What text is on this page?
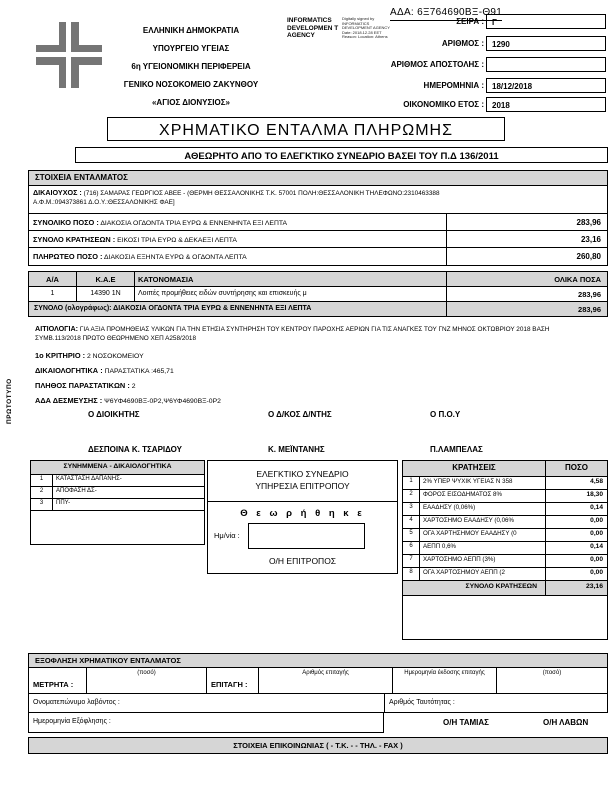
ΑΔΑ: 6Ξ764690ΒΞ-Θ91
ΕΛΛΗΝΙΚΗ ΔΗΜΟΚΡΑΤΙΑ
ΥΠΟΥΡΓΕΙΟ ΥΓΕΙΑΣ
6η ΥΓΕΙΟΝΟΜΙΚΗ ΠΕΡΙΦΕΡΕΙΑ
ΓΕΝΙΚΟ ΝΟΣΟΚΟΜΕΙΟ ΖΑΚΥΝΘΟΥ
«ΑΓΙΟΣ ΔΙΟΝΥΣΙΟΣ»
INFORMATICS DEVELOPMEN T AGENCY
Digitally signed by INFORMATICS DEVELOPMENT AGENCY Date: 2018.12.28 EET Reason: Location: Athens
ΣΕΙΡΑ :	Γ
ΑΡΙΘΜΟΣ :	1290
ΑΡΙΘΜΟΣ ΑΠΟΣΤΟΛΗΣ :
ΗΜΕΡΟΜΗΝΙΑ :	18/12/2018
ΟΙΚΟΝΟΜΙΚΟ ΕΤΟΣ :	2018
ΧΡΗΜΑΤΙΚΟ ΕΝΤΑΛΜΑ ΠΛΗΡΩΜΗΣ
ΑΘΕΩΡΗΤΟ ΑΠΟ ΤΟ ΕΛΕΓΚΤΙΚΟ ΣΥΝΕΔΡΙΟ ΒΑΣΕΙ ΤΟΥ Π.Δ 136/2011
ΣΤΟΙΧΕΙΑ ΕΝΤΑΛΜΑΤΟΣ
ΔΙΚΑΙΟΥΧΟΣ : (716) ΣΑΜΑΡΑΣ ΓΕΩΡΓΙΟΣ ΑΒΕΕ - (ΘΕΡΜΗ ΘΕΣΣΑΛΟΝΙΚΗΣ Τ.Κ. 57001 ΠΟΛΗ:ΘΕΣΣΑΛΟΝΙΚΗ ΤΗΛΕΦΩΝΟ:2310463388
Α.Φ.Μ.:094373861 Δ.Ο.Υ.:ΘΕΣΣΑΛΟΝΙΚΗΣ ΦΑΕ]
ΣΥΝΟΛΙΚΟ ΠΟΣΟ : ΔΙΑΚΟΣΙΑ ΟΓΔΟΝΤΑ ΤΡΙΑ ΕΥΡΩ & ΕΝΝΕΝΗΝΤΑ ΕΞΙ ΛΕΠΤΑ	283,96
ΣΥΝΟΛΟ ΚΡΑΤΗΣΕΩΝ : ΕΙΚΟΣΙ ΤΡΙΑ ΕΥΡΩ & ΔΕΚΑΕΞΙ ΛΕΠΤΑ	23,16
ΠΛΗΡΩΤΕΟ ΠΟΣΟ : ΔΙΑΚΟΣΙΑ ΕΞΗΝΤΑ ΕΥΡΩ & ΟΓΔΟΝΤΑ ΛΕΠΤΑ	260,80
Α/Α	Κ.Α.Ε	ΚΑΤΟΝΟΜΑΣΙΑ	ΟΛΙΚΑ ΠΟΣΑ
1	14390 1Ν	Λοιπές προμήθειες ειδών συντήρησης και επισκευής μ	283,96
ΣΥΝΟΛΟ (ολογράφως): ΔΙΑΚΟΣΙΑ ΟΓΔΟΝΤΑ ΤΡΙΑ ΕΥΡΩ & ΕΝΝΕΝΗΝΤΑ ΕΞΙ ΛΕΠΤΑ	283,96
ΑΙΤΙΟΛΟΓΙΑ: ΓΙΑ ΑΞΙΑ ΠΡΟΜΗΘΕΙΑΣ ΥΛΙΚΩΝ ΓΙΑ ΤΗΝ ΕΤΗΣΙΑ ΣΥΝΤΗΡΗΣΗ ΤΟΥ ΚΕΝΤΡΟΥ ΠΑΡΟΧΗΣ ΑΕΡΙΩΝ ΓΙΑ ΤΙΣ ΑΝΑΓΚΕΣ ΤΟΥ ΓΝΖ ΜΗΝΟΣ ΟΚΤΩΒΡΙΟΥ 2018 ΒΑΣΗ ΣΥΜΒ.113/2018 ΠΡΩΤΟ ΘΕΩΡΗΜΕΝΟ ΧΕΠ Α258/2018
1ο ΚΡΙΤΗΡΙΟ : 2 ΝΟΣΟΚΟΜΕΙΟΥ
ΔΙΚΑΙΟΛΟΓΗΤΙΚΑ : ΠΑΡΑΣΤΑΤΙΚΑ :465,71
ΠΛΗΘΟΣ ΠΑΡΑΣΤΑΤΙΚΩΝ : 2
ΑΔΑ ΔΕΣΜΕΥΣΗΣ : Ψ6ΥΦ4690ΒΞ-0Ρ2,Ψ6ΥΦ4690ΒΞ-0Ρ2
ΠΡΩΤΟΤΥΠΟ	Ο ΔΙΟΙΚΗΤΗΣ	Ο Δ/ΚΟΣ Δ/ΝΤΗΣ	Ο Π.Ο.Υ
ΔΕΣΠΟΙΝΑ Κ. ΤΣΑΡΙΔΟΥ	Κ. ΜΕΪΝΤΑΝΗΣ	Π.ΛΑΜΠΕΛΑΣ
ΣΥΝΗΜΜΕΝΑ - ΔΙΚΑΙΟΛΟΓΗΤΙΚΑ
1	ΚΑΤΑΣΤΑΣΗ ΔΑΠΑΝΗΣ-
2	ΑΠΟΦΑΣΗ ΔΣ-
3	ΠΠΥ-
ΕΛΕΓΚΤΙΚΟ ΣΥΝΕΔΡΙΟ
ΥΠΗΡΕΣΙΑ ΕΠΙΤΡΟΠΟΥ
Θ ε ω ρ ή θ η κ ε
Ημ/νία :
Ο/Η ΕΠΙΤΡΟΠΟΣ
ΚΡΑΤΗΣΕΙΣ	ΠΟΣΟ
1	2% ΥΠΕΡ ΨΥΧΙΚ ΥΓΕΙΑΣ Ν 358	4,58
2	ΦΟΡΟΣ ΕΙΣΟΔΗΜΑΤΟΣ 8%	18,30
3	ΕΑΑΔΗΣΥ (0,06%)	0,14
4	ΧΑΡΤΟΣΗΜΟ ΕΑΑΔΗΣΥ (0,06%	0,00
5	ΟΓΑ ΧΑΡΤΗΣΗΜΟΥ ΕΑΑΔΗΣΥ (0	0,00
6	ΑΕΠΠ 0,6%	0,14
7	ΧΑΡΤΟΣΗΜΟ ΑΕΠΠ (3%)	0,00
8	ΟΓΑ ΧΑΡΤΟΣΗΜΟΥ ΑΕΠΠ (2	0,00
ΣΥΝΟΛΟ ΚΡΑΤΗΣΕΩΝ	23,16
ΕΞΟΦΛΗΣΗ ΧΡΗΜΑΤΙΚΟΥ ΕΝΤΑΛΜΑΤΟΣ
ΜΕΤΡΗΤΑ :
(ποσό)
ΕΠΙΤΑΓΗ :
Αριθμός επιταγής	Ημερομηνία έκδοσης επιταγής	(ποσό)
Ονοματεπώνυμο λαβόντος :	Αριθμός Ταυτότητας :
Ημερομηνία Εξόφλησης :	Ο/Η ΤΑΜΙΑΣ	Ο/Η ΛΑΒΩΝ
ΣΤΟΙΧΕΙΑ ΕΠΙΚΟΙΝΩΝΙΑΣ ( - Τ.Κ. - - ΤΗΛ. - FAX )
